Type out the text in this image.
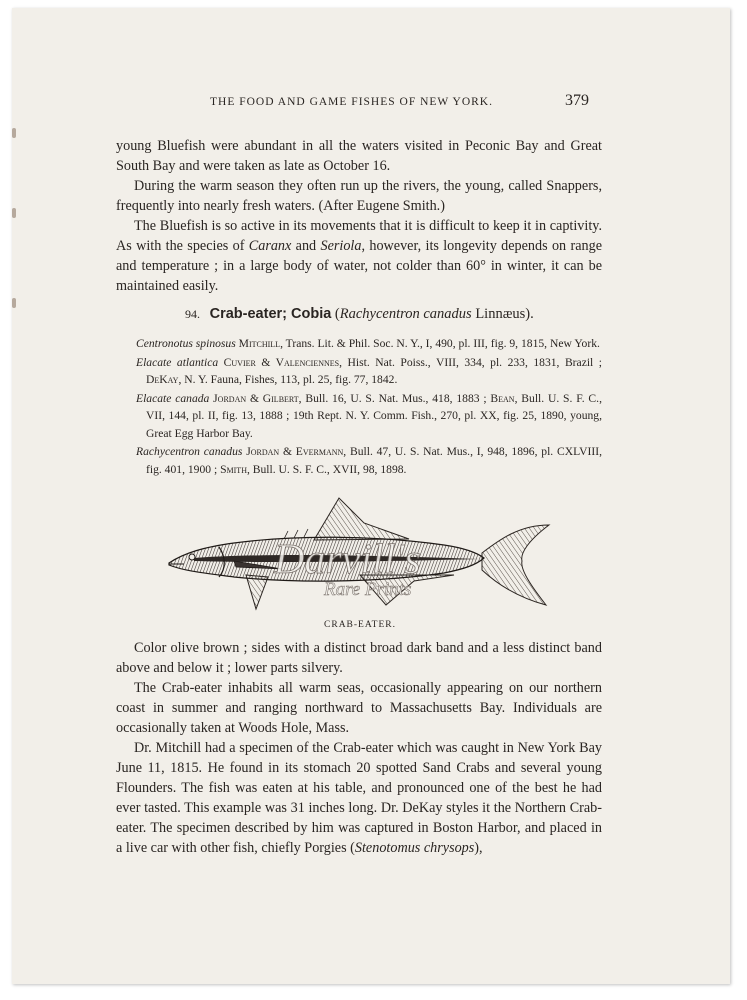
THE FOOD AND GAME FISHES OF NEW YORK.	379

young Bluefish were abundant in all the waters visited in Peconic Bay and Great South Bay and were taken as late as October 16.

During the warm season they often run up the rivers, the young, called Snappers, frequently into nearly fresh waters. (After Eugene Smith.)

The Bluefish is so active in its movements that it is difficult to keep it in captivity. As with the species of Caranx and Seriola, however, its longevity depends on range and temperature ; in a large body of water, not colder than 60° in winter, it can be maintained easily.

94. Crab-eater; Cobia (Rachycentron canadus Linnæus).

Centronotus spinosus Mitchill, Trans. Lit. & Phil. Soc. N. Y., I, 490, pl. III, fig. 9, 1815, New York.

Elacate atlantica Cuvier & Valenciennes, Hist. Nat. Poiss., VIII, 334, pl. 233, 1831, Brazil ; DeKay, N. Y. Fauna, Fishes, 113, pl. 25, fig. 77, 1842.

Elacate canada Jordan & Gilbert, Bull. 16, U. S. Nat. Mus., 418, 1883 ; Bean, Bull. U. S. F. C., VII, 144, pl. II, fig. 13, 1888 ; 19th Rept. N. Y. Comm. Fish., 270, pl. XX, fig. 25, 1890, young, Great Egg Harbor Bay.

Rachycentron canadus Jordan & Evermann, Bull. 47, U. S. Nat. Mus., I, 948, 1896, pl. CXLVIII, fig. 401, 1900 ; Smith, Bull. U. S. F. C., XVII, 98, 1898.

Darvill's
Rare Prints
CRAB-EATER.

Color olive brown ; sides with a distinct broad dark band and a less distinct band above and below it ; lower parts silvery.

The Crab-eater inhabits all warm seas, occasionally appearing on our northern coast in summer and ranging northward to Massachusetts Bay. Individuals are occasionally taken at Woods Hole, Mass.

Dr. Mitchill had a specimen of the Crab-eater which was caught in New York Bay June 11, 1815. He found in its stomach 20 spotted Sand Crabs and several young Flounders. The fish was eaten at his table, and pronounced one of the best he had ever tasted. This example was 31 inches long. Dr. DeKay styles it the Northern Crab-eater. The specimen described by him was captured in Boston Harbor, and placed in a live car with other fish, chiefly Porgies (Stenotomus chrysops),
